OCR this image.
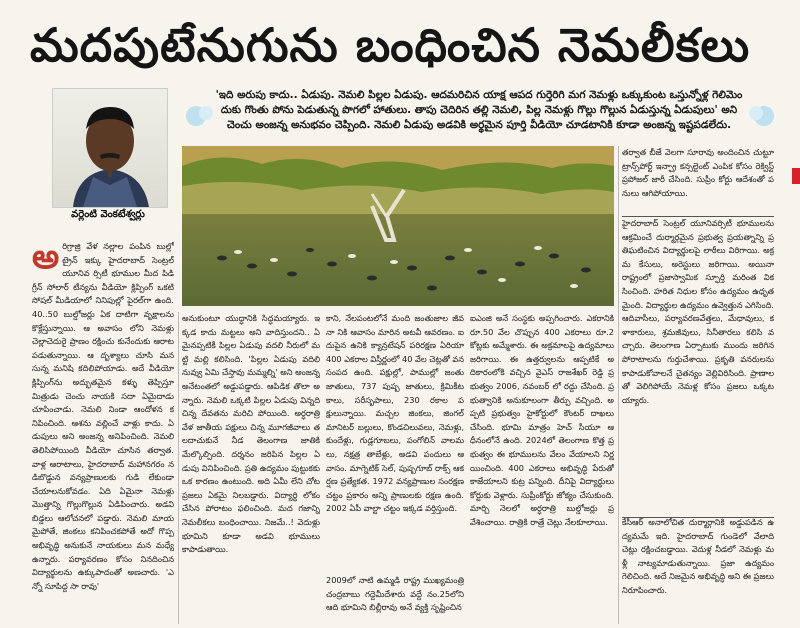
మదపుటేనుగును బంధించిన నెమలీకలు
వర్లెంటి వెంకటేశ్వర్లు
'ఇది అరుపు కాదు.. ఏడుపు. నెమలి పిల్లల ఏడుపు. ఆదమరిచిన యాక్ష ఆపద గుర్తెరిగి మగ నెమళ్లు ఒక్కుకుంట ఒస్తున్నోళ్ల గెలిమెం దుకు గొంతు పోను పెడుతున్న పొగలో హాతులు. తాపు చెదిరిన తల్లి నెమలి, పిల్ల నెమళ్లు గొల్లు గొల్లున ఏడుస్తున్న ఏడుపులు' అని చెంచు అంజన్న అనుభవం చెప్పింది. నెమలి ఏడుపు అడవికి అర్థమైన పూర్తి వీడియో చూడటానికి కూడా అంజన్న ఇష్టపడలేదు.
అరిగ్రాజ్రి వేళ నల్లాల పంపిన బుల్లో ట్రైన్‌ ఇక్కు హైదరాబాద్ సెంట్రల్ యూనివ ర్సిటీ భూముల మీద పిడి గ్రీన్ సోలార్ టీన్యను వీడియో క్లిప్పింగ్ ఒకటి సోషల్ మీడియాలో నినిపుల్లో పైరల్‌గా ఉంది. 40..50 బుల్డోజర్లు ఏక దాటిగా వృక్షాలను కొక్లేస్తున్నాయి. ఆ అవాసం లోని నెమళ్లు చెల్లాచెదురై ప్రాణం రక్షించు కునేందుకు ఆరాటపడుతున్నాయి. ఆ దృశ్యాలు చూసి మనసున్న మనిషి కదిలిపోయాడు. అదే వీడియో క్లిప్పింగ్‌ను అద్భుతమైన కళ్ళు తెప్పిస్తూ మిత్రుడు చెంచు నాయకి సదా ఏమైదాడు చూపించాడు. నెమలి నిండా ఆందోళన కనిపించింది. ఆశను వల్లించే వాళ్లు కాదు. ఏడుపులు అని అంజన్న అనిపించింది. నెమలి తెలిసిపోయింది వీడియో చూసిన తర్వాత. వాళ్ల ఆరాటాలు, హైదరాబాద్ మహానగరం నడిబొడ్డున వన్యప్రాణులకు గుడి లేకుండా చేయాలనుకోవడం. ఏది ఏమైనా నెమళ్లు మొత్తాన్ని గొల్లుగొల్లున ఏడిపించారు. అడవి బిడ్డలు ఆలోచనలో పడ్డారు. నెమలి మాయమైపోతే, జింకలు కనిపించకపోతే అదో గొప్ప అభివృద్ధి అనుకునే నాయకులు మన మధ్యే ఉన్నారు. పర్యావరణం కోసం నినదించిన విద్యార్థులను ఉక్కుపాదంతో అణచారు. 'ఎన్నో సూపిద్ద సా రావు'
అనుకుంటూ యుద్ధానికి సిద్ధమయ్యారు. ఇక్కడ కాదు మట్టలు అని వాదిస్తుందని.. ఏమైనప్పటికీ పిల్లల ఏడుపు వదలి నీరులో మట్టి మల్లి కలిసింది. 'పిల్లల ఏడుపు వదిలి నువ్వు ఏమి చేస్తావు మమ్మల్ని' అని అంజన్న అనేటంతలో అడ్డుపడ్డారు. ఆపిడిక తొలా అన్నారు. నెమలి ఒక్కటి పిల్లల ఏడుపు విన్నది చిన్న దేవతను మరిచి పోయింది. అర్ధరాత్రి వేళ జాతీయ పక్షులు చిన్న మూగజీవాలు తలదాచుకునే నీడ తెలంగాణ జాతికి మేల్కొల్పింది. దర్శనం జరిపిన పిల్లల ఏడుపు వినిపించింది. ప్రతి ఉద్యమం పుట్టుకకు ఒక కారణం ఉంటుంది. అది ఏమీ లేని చోట ప్రజలు ఏకమై నిలబడ్డారు. విద్యార్థి లోకం చేసిన పోరాటం ఫలించింది. మద గజాన్ని నెమలీకలు బంధించాయి. నిజమే..! వెదుళ్లు భూమిని కూడా అడవి భూములు కాపాడుతాయి.
కాని, నేలపంటలోనే మంది జంతుజాల జీవనా నికి ఆవాసం మారిన అటవీ ఆవరణం. ఐదుపైన ఉనికి క్యాన్రటేషన్ పరిరక్షణ ఏరియా 400 ఎకరాల విస్తీర్ణంలో 40 వేల చెట్లతో వన సంపద ఉంది. పక్షుల్లో, పాముల్లో జంతు జాతులు, 737 పుష్ప జాతులు, క్రిమికీటకాలు, సరీసృపాలు, 230 రకాల పక్షులున్నాయి. మచ్చల జింకలు, జింగల్ మానిటర్ బల్లులు, కొండచిలువలు, నెమళ్లు, కుందేళ్లు, గుడ్లగూబలు, పంగోలిన్ వాలమలు, నక్షత్ర తాబేళ్లు, అడవి పందులు ఆవాసం. మాగ్నెటిక్ సెల్‌, పుష్పగూబ్ రాక్స్ ఆకర్షణ ప్రత్యేకత. 1972 వన్యప్రాణుల సంరక్షణ చట్టం ప్రకారం అన్ని ప్రాణులకు రక్షణ ఉంది. 2002 ఏపీ వాల్టా చట్టం ఇక్కడ వర్తిస్తుంది.
2009లో నాటి ఉమ్మడి రాష్ట్ర ముఖ్యమంత్రి చంద్రబాబు గద్దెమీదేశారు వద్దే నం.25లోని ఆది భూమిని బిల్లీరావు అనే వ్యక్తి సృష్టించిన
ఐఎంజి అనే సంస్థకు అప్పగించారు. ఎకరానికి రూ.50 వేల చొప్పున 400 ఎకరాలు రూ.2 కోట్లకు అమ్మేశారు. ఈ అక్రమాలపై ఉద్యమాలు జరిగాయి. ఈ ఉత్తర్వులను ఆప్పటికే అదికారంలోకి వచ్చిన వైఎస్ రాజశేఖర్ రెడ్డి ప్రభుత్వం 2006, నవంబర్ లో రద్దు చేసింది. ప్రభుత్వానికి అనుకూలంగా తీర్పు వచ్చింది. అప్పటి ప్రభుత్వం హైకోర్టులో కౌంటర్ దాఖలు చేసింది. భూమి మాత్రం హెచ్ సీయూ ఆధీనంలోనే ఉంది. 2024లో తెలంగాణ కొత్త ప్రభుత్వం ఈ భూములను వేలం వేయాలని నిర్ణయించింది. 400 ఎకరాలు అభివృద్ధి పేరుతో కాజేయాలని కుట్ర పన్నింది. దీనిపై విద్యార్థులు కోర్టుకు వెళ్లారు. సుప్రీంకోర్టు జోక్యం చేసుకుంది. మార్చి నెలలో అర్ధరాత్రి బుల్డోజర్లు ప్రవేశించాయి. రాత్రికి రాత్రే చెట్లు నేలకూలాయి.
తర్వాత బీజే వెలగా సూరావు అందించిన చుట్టూ ట్రాన్స్‌పోర్ట్ ఇన్ఫ్రా కన్సల్టెంట్ ఎంపిక కోసం రెక్విస్ట్ ప్రపోజల్ జారీ చేసింది. సుప్రీం కోర్టు ఆదేశంతో పనులు ఆగిపోయాయి.
హైదరాబాద్ సెంట్రల్ యూనివర్సిటీ భూములను ఆక్రమించే దుర్మార్గమైన ప్రభుత్వ ప్రయత్నాన్ని ప్రతిఘటించిన విద్యార్థులపై లాఠీలు విరిగాయి. అక్రమ కేసులు, అరెస్టులు జరిగాయి. అయినా రాష్ట్రంలో ప్రజాస్వామిక స్ఫూర్తి మరింత వికసించింది. హరిత నిధుల కోసం ఉద్యమం ఉధృతమైంది. విద్యార్థుల ఉద్యమం ఉవ్వెత్తున ఎగిసింది. ఆదివాసీలు, పర్యావరణవేత్తలు, మేధావులు, కళాకారులు, శ్రమజీవులు, సినీతారలు కలిసి వచ్చారు. తెలంగాణ ఏర్పాటుకు ముందు జరిగిన పోరాటాలను గుర్తుచేశాయి. ప్రకృతి వనరులను కాపాడుకోవాలనే చైతన్యం వెల్లివిరిసింది. ప్రాణాలతో వెలిగిపోయే నెమళ్ల కోసం ప్రజలు ఒక్కటయ్యారు.
కేసీఆర్ అనాలోచిత దుర్మార్గానికి అడ్డుపడిన ఉద్యమమే ఇది. హైదరాబాద్ గుండెలో వేలాది చెట్లు రక్షించబడ్డాయి. వెదుళ్ల నీడలో నెమళ్లు మళ్లీ నాట్యమాడుతున్నాయి. ప్రజా ఉద్యమం గెలిచింది. అదే నిజమైన అభివృద్ధి అని ఈ ప్రజలు నిరూపించారు.
